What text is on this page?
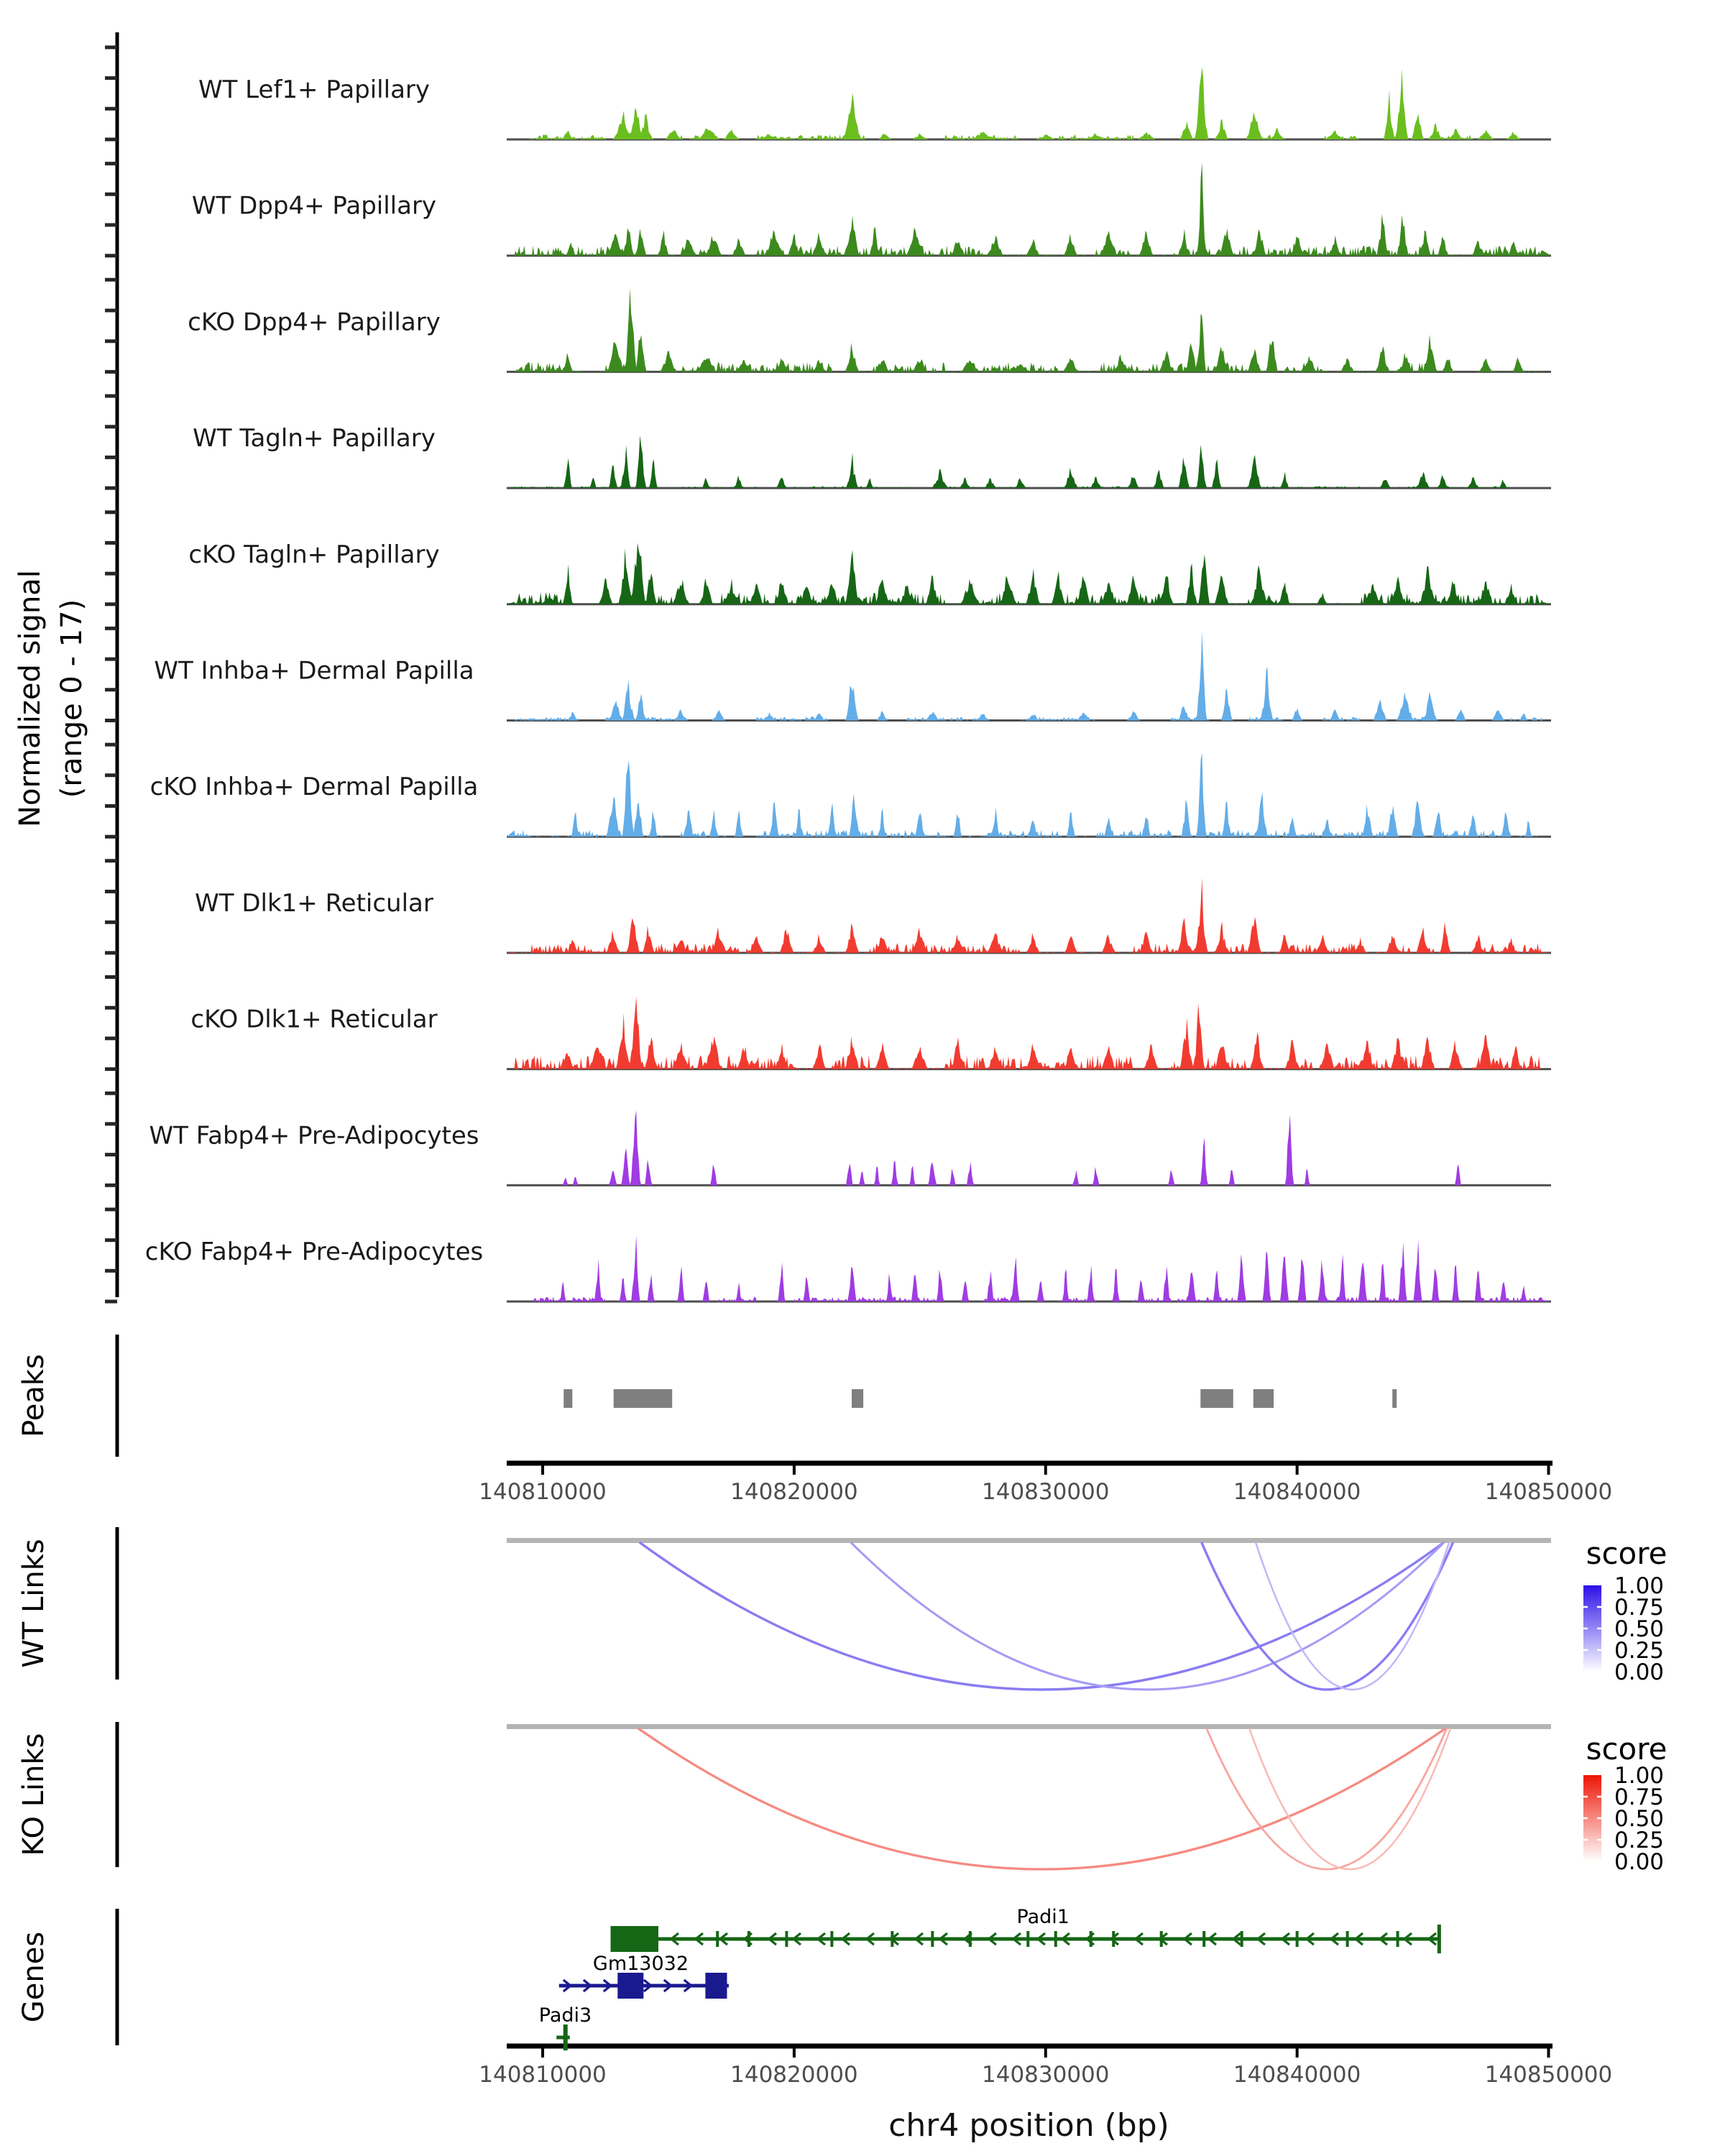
WT Lef1+ Papillary
WT Dpp4+ Papillary
cKO Dpp4+ Papillary
WT Tagln+ Papillary
cKO Tagln+ Papillary
WT Inhba+ Dermal Papilla
cKO Inhba+ Dermal Papilla
WT Dlk1+ Reticular
cKO Dlk1+ Reticular
WT Fabp4+ Pre-Adipocytes
cKO Fabp4+ Pre-Adipocytes
Normalized signal (range 0 - 17)
Peaks
WT Links
KO Links
Genes
140810000	140820000	140830000	140840000	140850000
140810000	140820000	140830000	140840000	140850000
chr4 position (bp)
score
1.00
0.75
0.50
0.25
0.00
score
1.00
0.75
0.50
0.25
0.00
Padi1
Gm13032
Padi3
